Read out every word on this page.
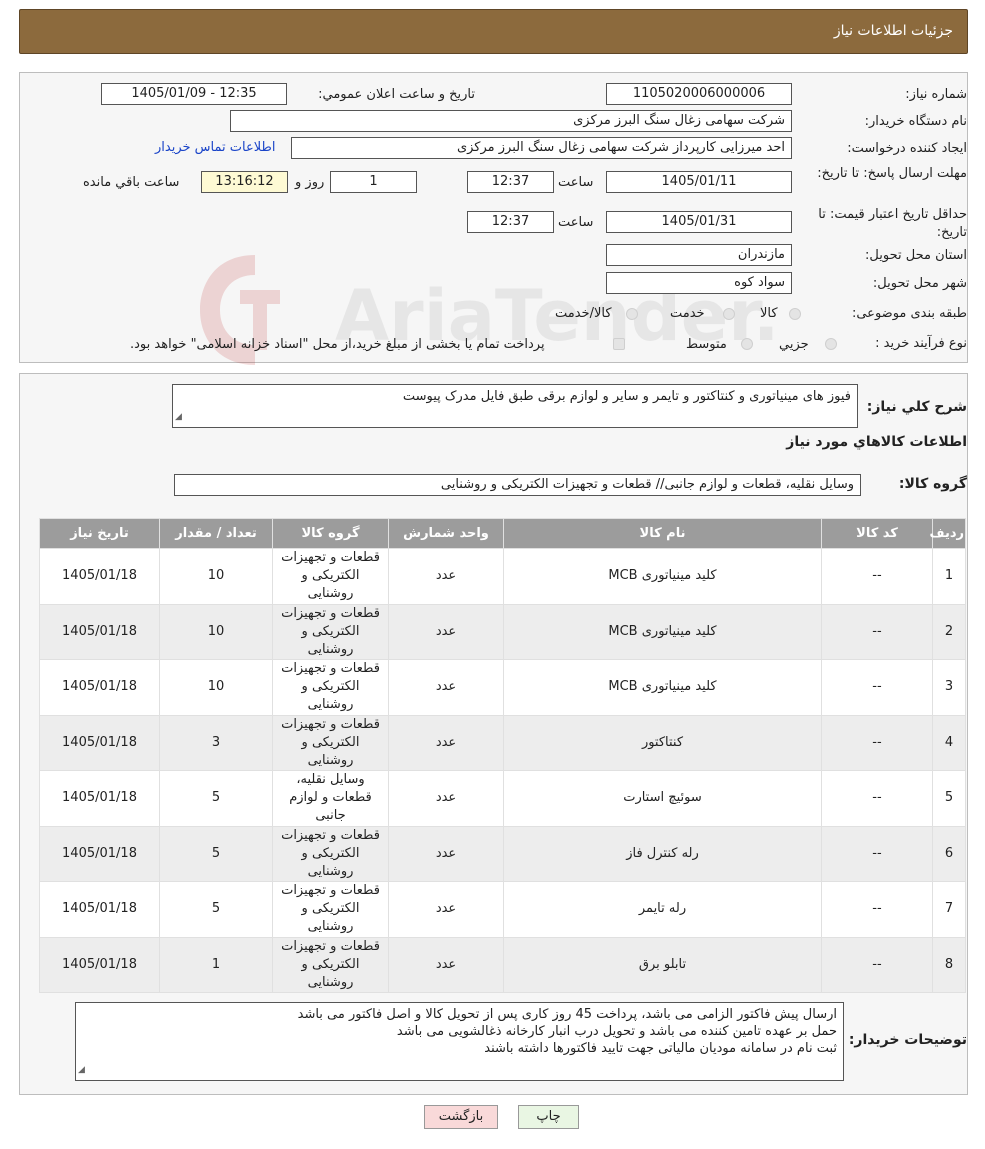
جزئیات اطلاعات نیاز
شماره نیاز:
1105020006000006
تاریخ و ساعت اعلان عمومي:
1405/01/09 - 12:35
نام دستگاه خريدار:
شرکت سهامی زغال سنگ البرز مرکزی
ايجاد کننده درخواست:
احد میرزایی کارپرداز شرکت سهامی زغال سنگ البرز مرکزی
اطلاعات تماس خريدار
مهلت ارسال پاسخ: تا تاريخ:
1405/01/11
ساعت
12:37
1
روز و
13:16:12
ساعت باقي مانده
حداقل تاريخ اعتبار قيمت: تا تاريخ:
1405/01/31
ساعت
12:37
استان محل تحويل:
مازندران
شهر محل تحويل:
سواد کوه
طبقه بندی موضوعی:
کالا
خدمت
کالا/خدمت
نوع فرآيند خريد :
جزيي
متوسط
پرداخت تمام یا بخشی از مبلغ خرید،از محل "اسناد خزانه اسلامی" خواهد بود.
شرح کلي نياز:
فیوز های مینیاتوری و کنتاکتور و تایمر و سایر و لوازم برقی طبق فایل مدرک پیوست
◢
اطلاعات کالاهاي مورد نياز
گروه کالا:
وسایل نقلیه، قطعات و لوازم جانبی// قطعات و تجهیزات الکتریکی و روشنایی
رديف	کد کالا	نام کالا	واحد شمارش	گروه کالا	تعداد / مقدار	تاريخ نياز
1	--	کلید مینیاتوری MCB	عدد	قطعات و تجهیزات الکتریکی و روشنایی	10	1405/01/18
2	--	کلید مینیاتوری MCB	عدد	قطعات و تجهیزات الکتریکی و روشنایی	10	1405/01/18
3	--	کلید مینیاتوری MCB	عدد	قطعات و تجهیزات الکتریکی و روشنایی	10	1405/01/18
4	--	کنتاکتور	عدد	قطعات و تجهیزات الکتریکی و روشنایی	3	1405/01/18
5	--	سوئیچ استارت	عدد	وسایل نقلیه، قطعات و لوازم جانبی	5	1405/01/18
6	--	رله کنترل فاز	عدد	قطعات و تجهیزات الکتریکی و روشنایی	5	1405/01/18
7	--	رله تایمر	عدد	قطعات و تجهیزات الکتریکی و روشنایی	5	1405/01/18
8	--	تابلو برق	عدد	قطعات و تجهیزات الکتریکی و روشنایی	1	1405/01/18
توضيحات خريدار:
ارسال پیش فاکتور الزامی می باشد، پرداخت 45 روز کاری پس از تحویل کالا و اصل فاکتور می باشد
حمل بر عهده تامین کننده می باشد و تحویل درب انبار کارخانه ذغالشویی می باشد
ثبت نام در سامانه مودیان مالیاتی جهت تایید فاکتورها داشته باشند
◢
بازگشت	چاپ
